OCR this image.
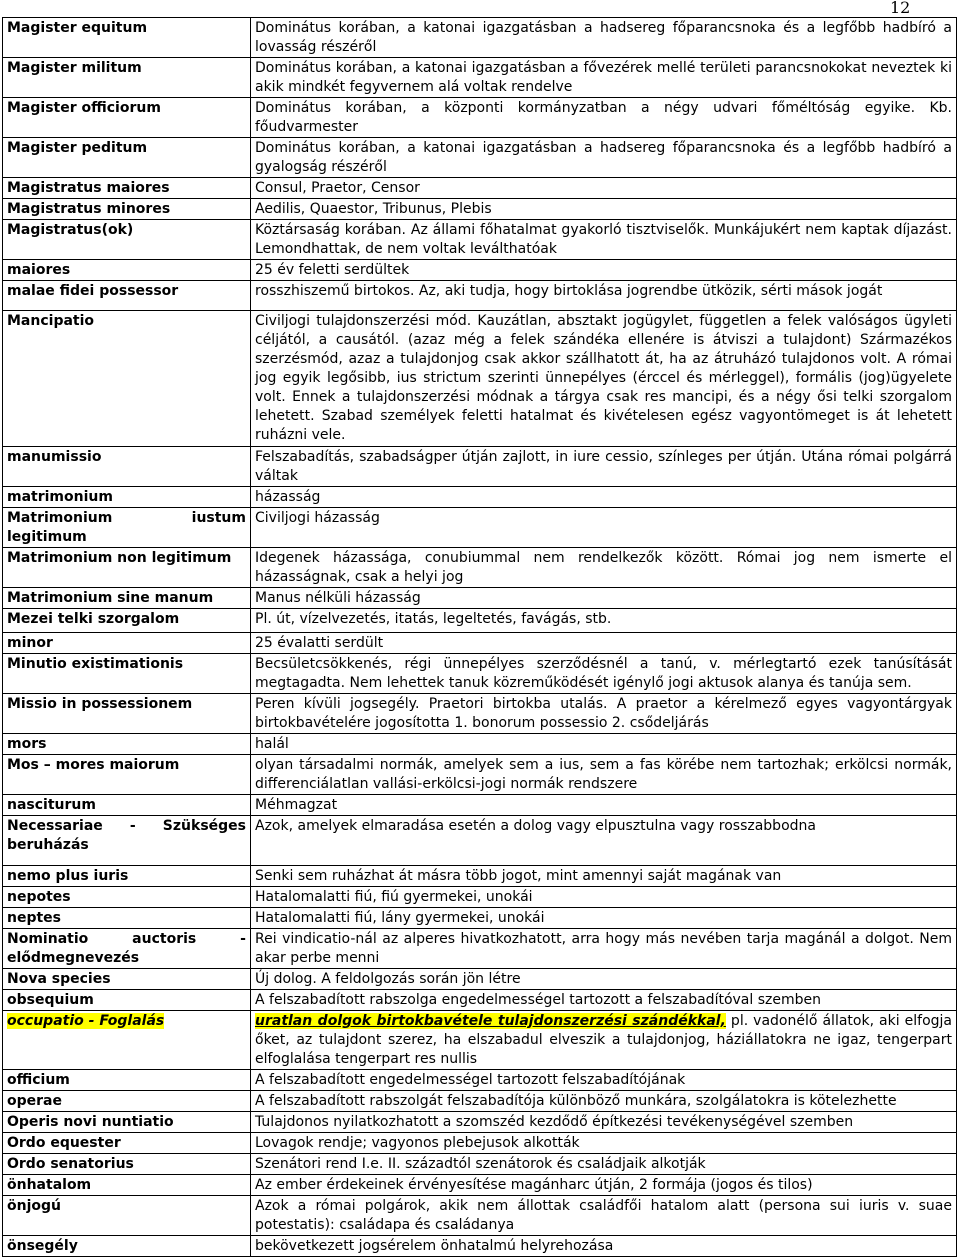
12
Magister equitum	Dominátus korában, a katonai igazgatásban a hadsereg főparancsnoka és a legfőbb hadbíró a lovasság részéről
Magister militum	Dominátus korában, a katonai igazgatásban a fővezérek mellé területi parancsnokokat neveztek ki akik mindkét fegyvernem alá voltak rendelve
Magister officiorum	Dominátus korában, a központi kormányzatban a négy udvari főméltóság egyike. Kb. főudvarmester
Magister peditum	Dominátus korában, a katonai igazgatásban a hadsereg főparancsnoka és a legfőbb hadbíró a gyalogság részéről
Magistratus maiores	Consul, Praetor, Censor
Magistratus minores	Aedilis, Quaestor, Tribunus, Plebis
Magistratus(ok)	Köztársaság korában. Az állami főhatalmat gyakorló tisztviselők. Munkájukért nem kaptak díjazást. Lemondhattak, de nem voltak leválthatóak
maiores	25 év feletti serdültek
malae fidei possessor	rosszhiszemű birtokos. Az, aki tudja, hogy birtoklása jogrendbe ütközik, sérti mások jogát
Mancipatio	Civiljogi tulajdonszerzési mód. Kauzátlan, absztakt jogügylet, független a felek valóságos ügyleti céljától, a causától. (azaz még a felek szándéka ellenére is átviszi a tulajdont) Származékos szerzésmód, azaz a tulajdonjog csak akkor szállhatott át, ha az átruházó tulajdonos volt. A római jog egyik legősibb, ius strictum szerinti ünnepélyes (érccel és mérleggel), formális (jog)ügyelete volt. Ennek a tulajdonszerzési módnak a tárgya csak res mancipi, és a négy ősi telki szorgalom lehetett. Szabad személyek feletti hatalmat és kivételesen egész vagyontömeget is át lehetett ruházni vele.
manumissio	Felszabadítás, szabadságper útján zajlott, in iure cessio, színleges per útján. Utána római polgárrá váltak
matrimonium	házasság
Matrimonium iustum legitimum	Civiljogi házasság
Matrimonium non legitimum	Idegenek házassága, conubiummal nem rendelkezők között. Római jog nem ismerte el házasságnak, csak a helyi jog
Matrimonium sine manum	Manus nélküli házasság
Mezei telki szorgalom	Pl. út, vízelvezetés, itatás, legeltetés, favágás, stb.
minor	25 évalatti serdült
Minutio existimationis	Becsületcsökkenés, régi ünnepélyes szerződésnél a tanú, v. mérlegtartó ezek tanúsítását megtagadta. Nem lehettek tanuk közreműködését igénylő jogi aktusok alanya és tanúja sem.
Missio in possessionem	Peren kívüli jogsegély. Praetori birtokba utalás. A praetor a kérelmező egyes vagyontárgyak birtokbavételére jogosította 1. bonorum possessio 2. csődeljárás
mors	halál
Mos – mores maiorum	olyan társadalmi normák, amelyek sem a ius, sem a fas körébe nem tartozhak; erkölcsi normák, differenciálatlan vallási-erkölcsi-jogi normák rendszere
nasciturum	Méhmagzat
Necessariae - Szükséges beruházás	Azok, amelyek elmaradása esetén a dolog vagy elpusztulna vagy rosszabbodna
nemo plus iuris	Senki sem ruházhat át másra több jogot, mint amennyi saját magának van
nepotes	Hatalomalatti fiú, fiú gyermekei, unokái
neptes	Hatalomalatti fiú, lány gyermekei, unokái
Nominatio auctoris - elődmegnevezés	Rei vindicatio-nál az alperes hivatkozhatott, arra hogy más nevében tarja magánál a dolgot. Nem akar perbe menni
Nova species	Új dolog. A feldolgozás során jön létre
obsequium	A felszabadított rabszolga engedelmességel tartozott a felszabadítóval szemben
occupatio - Foglalás	uratlan dolgok birtokbavétele tulajdonszerzési szándékkal, pl. vadonélő állatok, aki elfogja őket, az tulajdont szerez, ha elszabadul elveszik a tulajdonjog, háziállatokra ne igaz, tengerpart elfoglalása tengerpart res nullis
officium	A felszabadított engedelmességel tartozott felszabadítójának
operae	A felszabadított rabszolgát felszabadítója különböző munkára, szolgálatokra is kötelezhette
Operis novi nuntiatio	Tulajdonos nyilatkozhatott a szomszéd kezdődő építkezési tevékenységével szemben
Ordo equester	Lovagok rendje; vagyonos plebejusok alkották
Ordo senatorius	Szenátori rend I.e. II. századtól szenátorok és családjaik alkotják
önhatalom	Az ember érdekeinek érvényesítése magánharc útján, 2 formája (jogos és tilos)
önjogú	Azok a római polgárok, akik nem állottak családfői hatalom alatt (persona sui iuris v. suae potestatis): családapa és családanya
önsegély	bekövetkezett jogsérelem önhatalmú helyrehozása
